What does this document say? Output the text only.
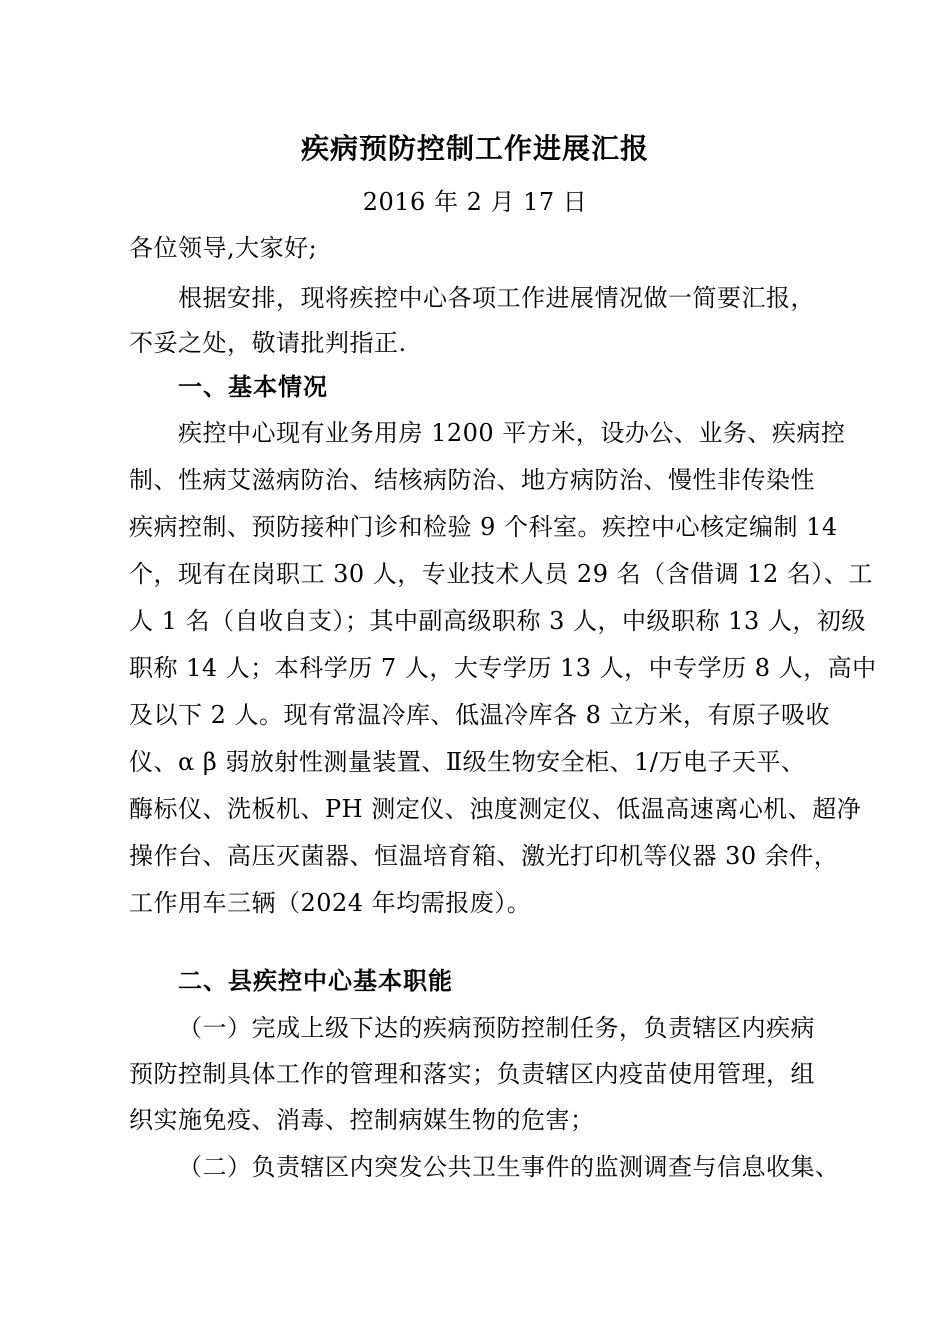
疾病预防控制工作进展汇报
2016 年 2 月 17 日
各位领导,大家好;
根据安排，现将疾控中心各项工作进展情况做一简要汇报，
不妥之处，敬请批判指正.
一、基本情况
疾控中心现有业务用房 1200 平方米，设办公、业务、疾病控
制、性病艾滋病防治、结核病防治、地方病防治、慢性非传染性
疾病控制、预防接种门诊和检验 9 个科室。疾控中心核定编制 14
个，现有在岗职工 30 人，专业技术人员 29 名（含借调 12 名）、工
人 1 名（自收自支）；其中副高级职称 3 人，中级职称 13 人，初级
职称 14 人；本科学历 7 人，大专学历 13 人，中专学历 8 人，高中
及以下 2 人。现有常温冷库、低温冷库各 8 立方米，有原子吸收
仪、α β 弱放射性测量装置、Ⅱ级生物安全柜、1/万电子天平、
酶标仪、洗板机、PH 测定仪、浊度测定仪、低温高速离心机、超净
操作台、高压灭菌器、恒温培育箱、激光打印机等仪器 30 余件，
工作用车三辆（2024 年均需报废）。
二、县疾控中心基本职能
（一）完成上级下达的疾病预防控制任务，负责辖区内疾病
预防控制具体工作的管理和落实；负责辖区内疫苗使用管理，组
织实施免疫、消毒、控制病媒生物的危害；
（二）负责辖区内突发公共卫生事件的监测调查与信息收集、
